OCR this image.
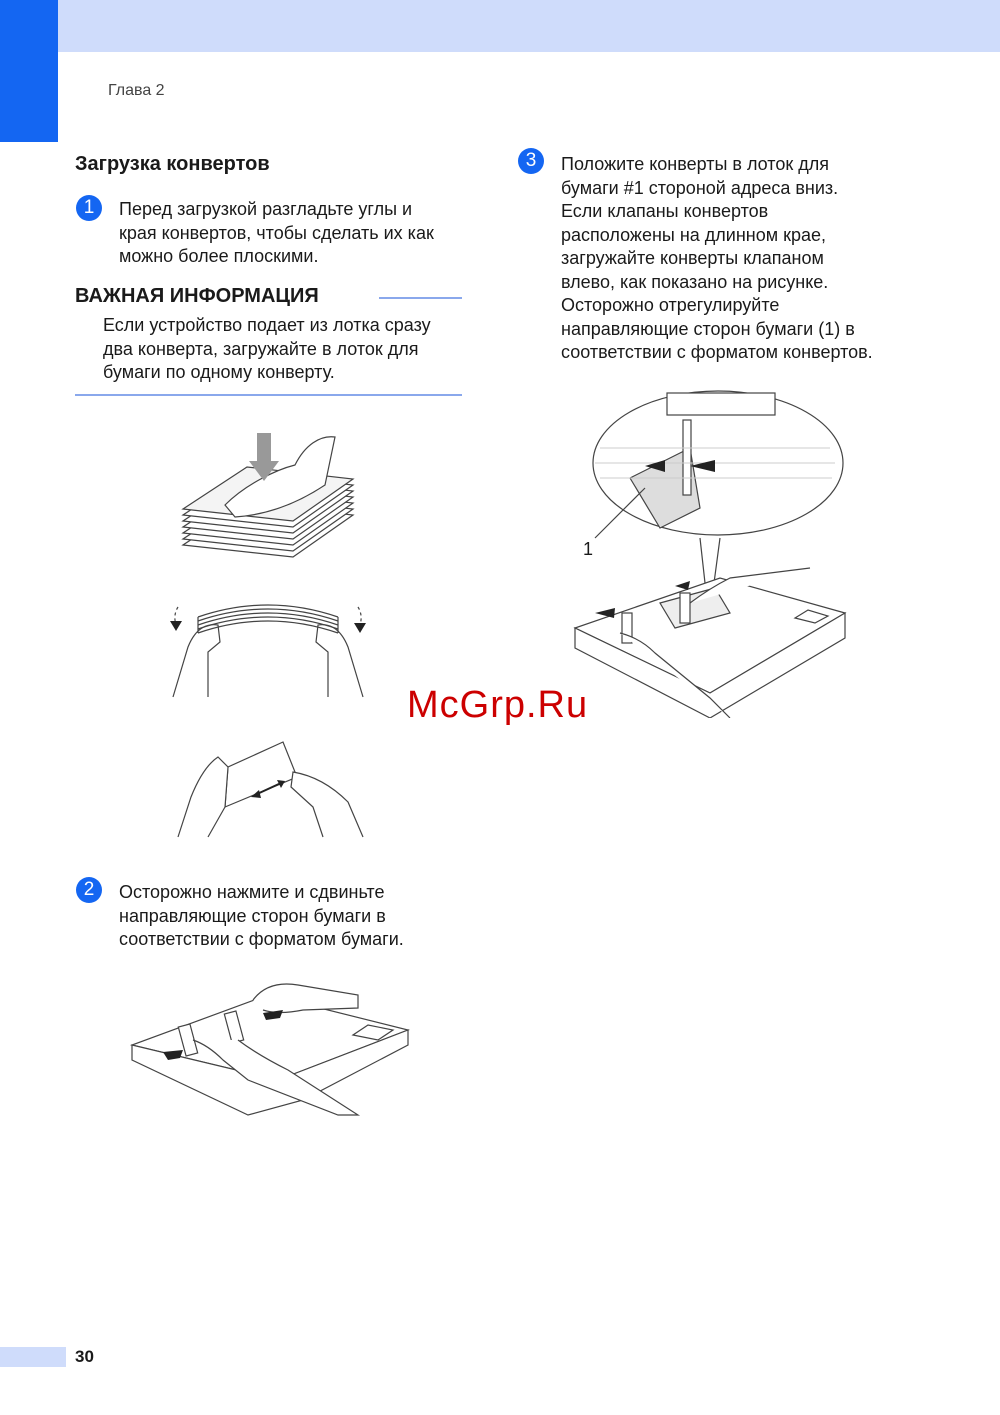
Глава 2
Загрузка конвертов
1	Перед загрузкой разгладьте углы и
края конвертов, чтобы сделать их как
можно более плоскими.
ВАЖНАЯ ИНФОРМАЦИЯ
Если устройство подает из лотка сразу
два конверта, загружайте в лоток для
бумаги по одному конверту.
2	Осторожно нажмите и сдвиньте
направляющие сторон бумаги в
соответствии с форматом бумаги.
3	Положите конверты в лоток для
бумаги #1 стороной адреса вниз.
Если клапаны конвертов
расположены на длинном крае,
загружайте конверты клапаном
влево, как показано на рисунке.
Осторожно отрегулируйте
направляющие сторон бумаги (1) в
соответствии с форматом конвертов.
1
McGrp.Ru
30
